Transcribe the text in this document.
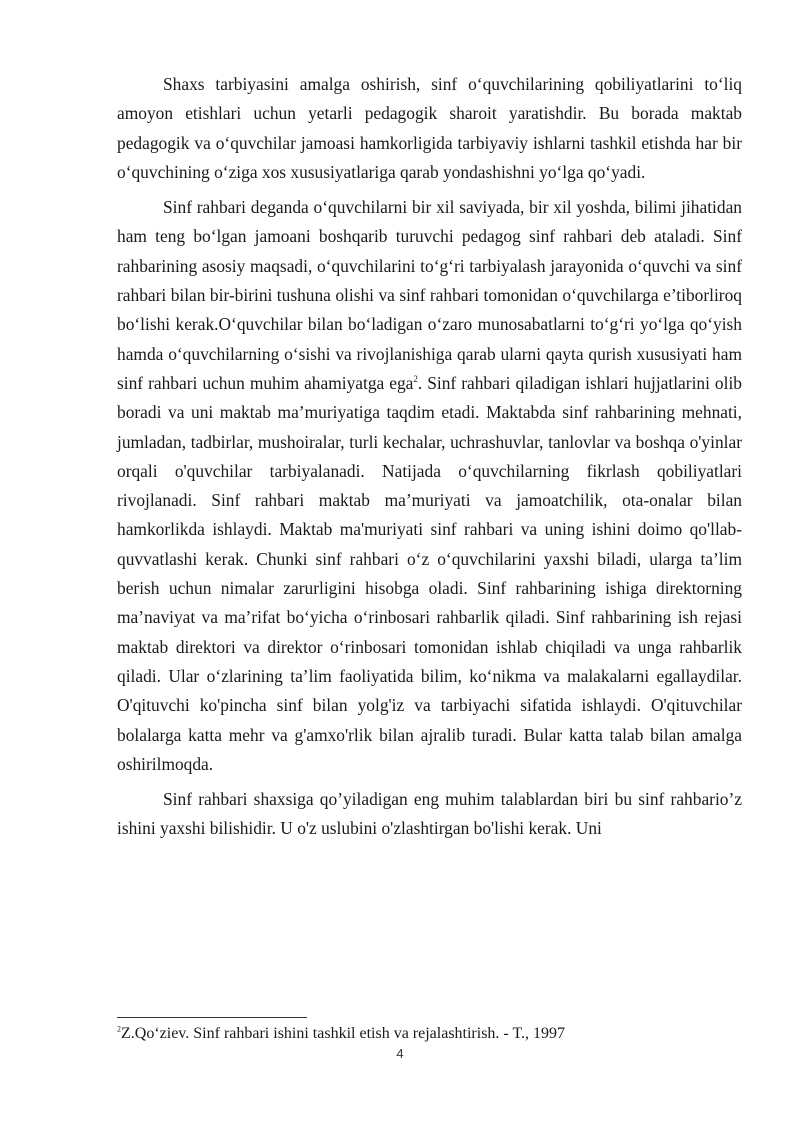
Shaxs tarbiyasini amalga oshirish, sinf o‘quvchilarining qobiliyatlarini to‘liq amoyon etishlari uchun yetarli pedagogik sharoit yaratishdir. Bu borada maktab pedagogik va o‘quvchilar jamoasi hamkorligida tarbiyaviy ishlarni tashkil etishda har bir o‘quvchining o‘ziga xos xususiyatlariga qarab yondashishni yo‘lga qo‘yadi.

Sinf rahbari deganda o‘quvchilarni bir xil saviyada, bir xil yoshda, bilimi jihatidan ham teng bo‘lgan jamoani boshqarib turuvchi pedagog sinf rahbari deb ataladi. Sinf rahbarining asosiy maqsadi, o‘quvchilarini to‘g‘ri tarbiyalash jarayonida o‘quvchi va sinf rahbari bilan bir-birini tushuna olishi va sinf rahbari tomonidan o‘quvchilarga e’tiborliroq bo‘lishi kerak.O‘quvchilar bilan bo‘ladigan o‘zaro munosabatlarni to‘g‘ri yo‘lga qo‘yish hamda o‘quvchilarning o‘sishi va rivojlanishiga qarab ularni qayta qurish xususiyati ham sinf rahbari uchun muhim ahamiyatga ega$^2$. Sinf rahbari qiladigan ishlari hujjatlarini olib boradi va uni maktab ma’muriyatiga taqdim etadi. Maktabda sinf rahbarining mehnati, jumladan, tadbirlar, mushoiralar, turli kechalar, uchrashuvlar, tanlovlar va boshqa o'yinlar orqali o'quvchilar tarbiyalanadi. Natijada o‘quvchilarning fikrlash qobiliyatlari rivojlanadi. Sinf rahbari maktab ma’muriyati va jamoatchilik, ota-onalar bilan hamkorlikda ishlaydi. Maktab ma'muriyati sinf rahbari va uning ishini doimo qo'llab-quvvatlashi kerak. Chunki sinf rahbari o‘z o‘quvchilarini yaxshi biladi, ularga ta’lim berish uchun nimalar zarurligini hisobga oladi. Sinf rahbarining ishiga direktorning ma’naviyat va ma’rifat bo‘yicha o‘rinbosari rahbarlik qiladi. Sinf rahbarining ish rejasi maktab direktori va direktor o‘rinbosari tomonidan ishlab chiqiladi va unga rahbarlik qiladi. Ular o‘zlarining ta’lim faoliyatida bilim, ko‘nikma va malakalarni egallaydilar. O'qituvchi ko'pincha sinf bilan yolg'iz va tarbiyachi sifatida ishlaydi. O'qituvchilar bolalarga katta mehr va g'amxo'rlik bilan ajralib turadi. Bular katta talab bilan amalga oshirilmoqda.

Sinf rahbari shaxsiga qo’yiladigan eng muhim talablardan biri bu sinf rahbario’z ishini yaxshi bilishidir. U o'z uslubini o'zlashtirgan bo'lishi kerak. Uni

$^2$Z.Qo‘ziev. Sinf rahbari ishini tashkil etish va rejalashtirish. - T., 1997
4
